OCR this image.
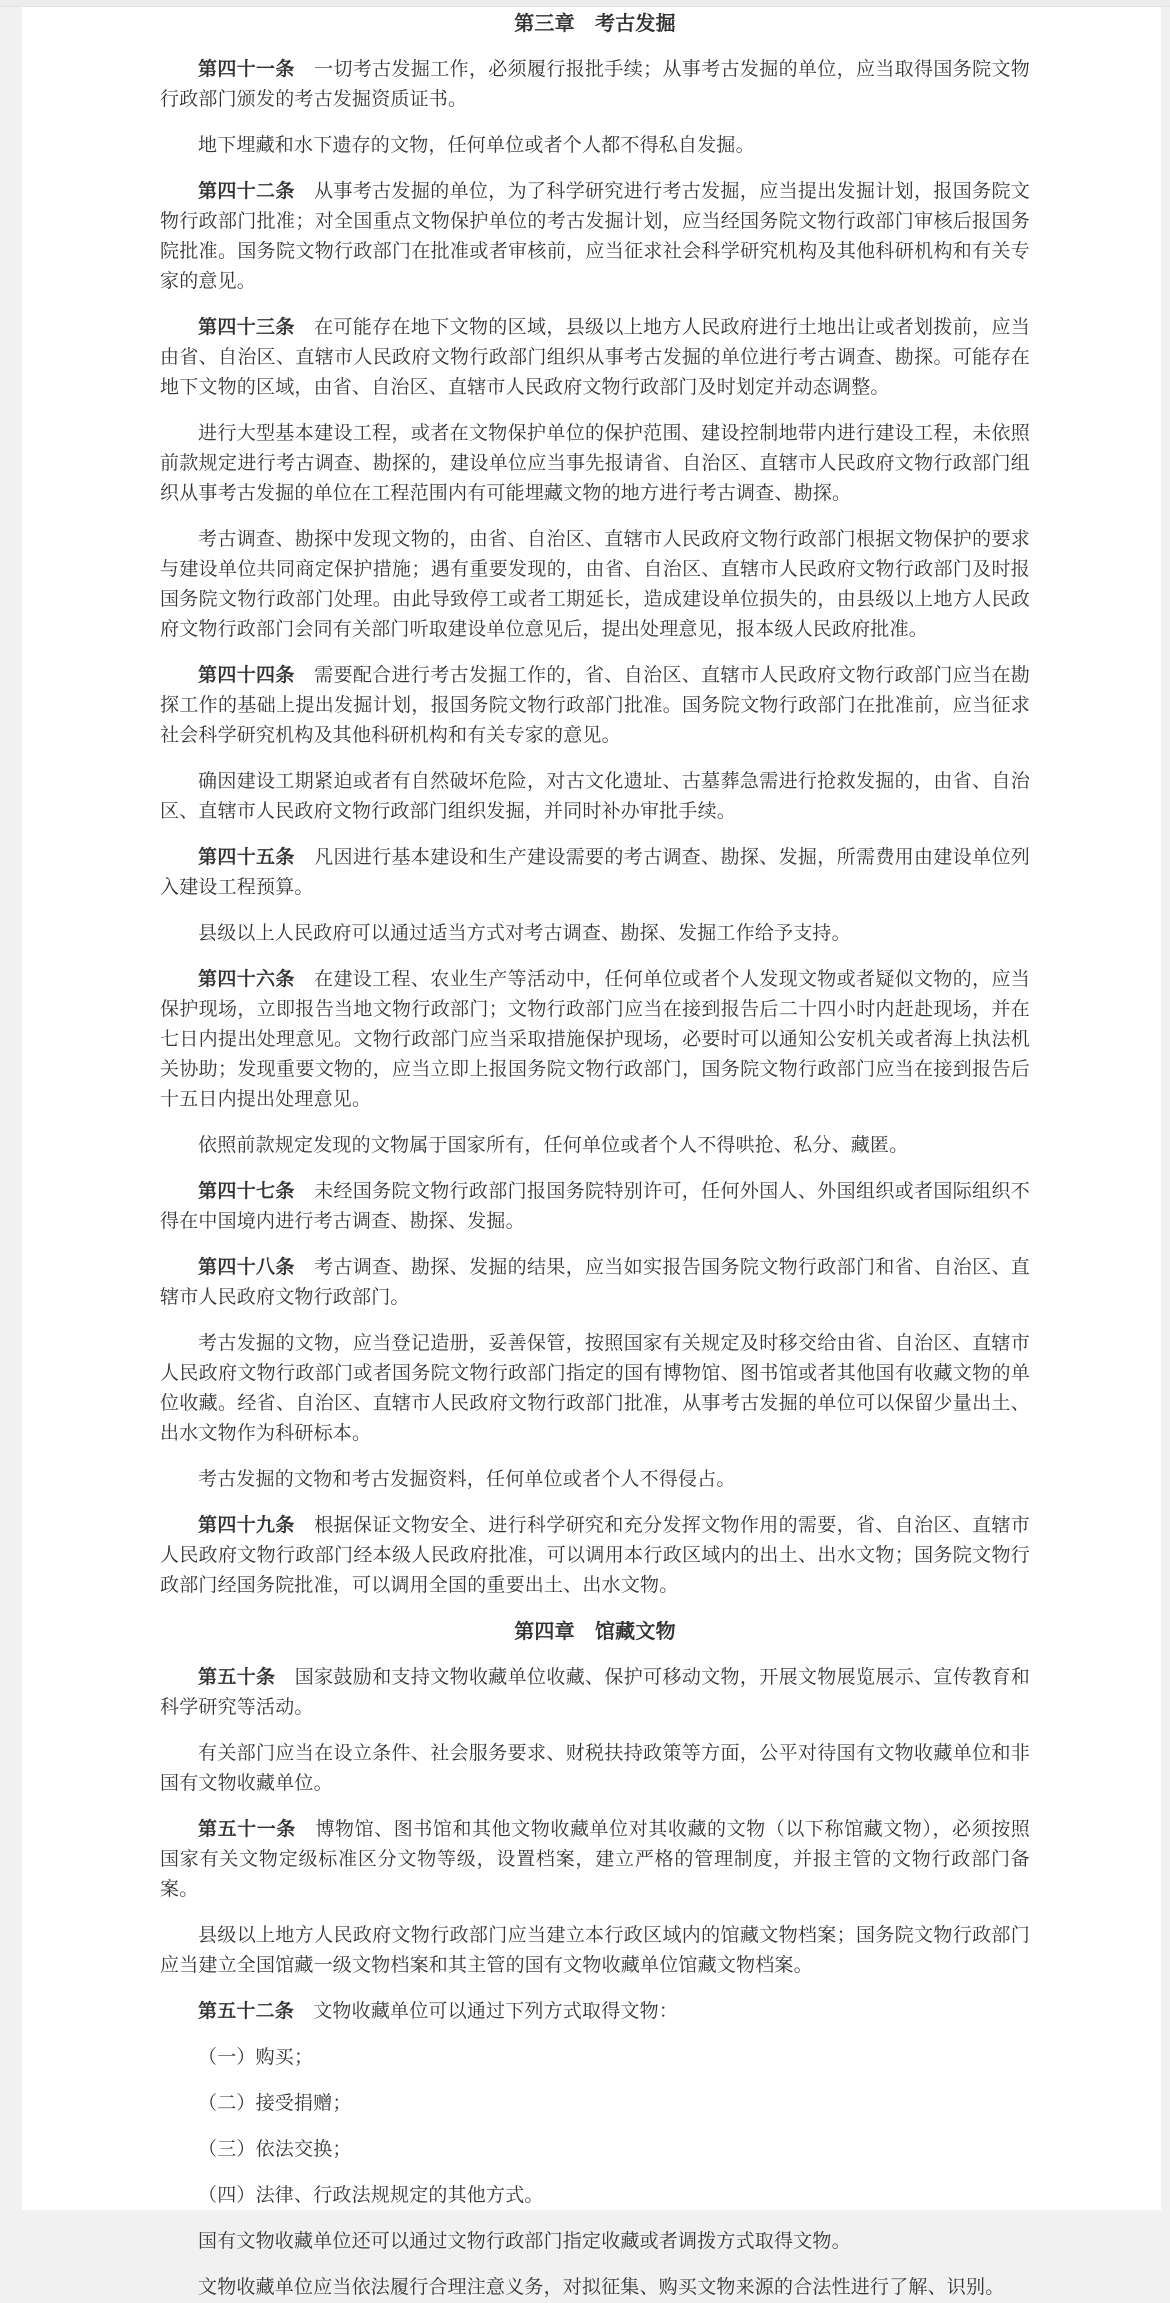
第三章　考古发掘

第四十一条　 一切考古发掘工作，必须履行报批手续；从事考古发掘的单位，应当取得国务院文物行政部门颁发的考古发掘资质证书。

地下埋藏和水下遗存的文物，任何单位或者个人都不得私自发掘。

第四十二条　 从事考古发掘的单位，为了科学研究进行考古发掘，应当提出发掘计划，报国务院文物行政部门批准；对全国重点文物保护单位的考古发掘计划，应当经国务院文物行政部门审核后报国务院批准。国务院文物行政部门在批准或者审核前，应当征求社会科学研究机构及其他科研机构和有关专家的意见。

第四十三条　 在可能存在地下文物的区域，县级以上地方人民政府进行土地出让或者划拨前，应当由省、自治区、直辖市人民政府文物行政部门组织从事考古发掘的单位进行考古调查、勘探。可能存在地下文物的区域，由省、自治区、直辖市人民政府文物行政部门及时划定并动态调整。

进行大型基本建设工程，或者在文物保护单位的保护范围、建设控制地带内进行建设工程，未依照前款规定进行考古调查、勘探的，建设单位应当事先报请省、自治区、直辖市人民政府文物行政部门组织从事考古发掘的单位在工程范围内有可能埋藏文物的地方进行考古调查、勘探。

考古调查、勘探中发现文物的，由省、自治区、直辖市人民政府文物行政部门根据文物保护的要求与建设单位共同商定保护措施；遇有重要发现的，由省、自治区、直辖市人民政府文物行政部门及时报国务院文物行政部门处理。由此导致停工或者工期延长，造成建设单位损失的，由县级以上地方人民政府文物行政部门会同有关部门听取建设单位意见后，提出处理意见，报本级人民政府批准。

第四十四条　 需要配合进行考古发掘工作的，省、自治区、直辖市人民政府文物行政部门应当在勘探工作的基础上提出发掘计划，报国务院文物行政部门批准。国务院文物行政部门在批准前，应当征求社会科学研究机构及其他科研机构和有关专家的意见。

确因建设工期紧迫或者有自然破坏危险，对古文化遗址、古墓葬急需进行抢救发掘的，由省、自治区、直辖市人民政府文物行政部门组织发掘，并同时补办审批手续。

第四十五条　 凡因进行基本建设和生产建设需要的考古调查、勘探、发掘，所需费用由建设单位列入建设工程预算。

县级以上人民政府可以通过适当方式对考古调查、勘探、发掘工作给予支持。

第四十六条　 在建设工程、农业生产等活动中，任何单位或者个人发现文物或者疑似文物的，应当保护现场，立即报告当地文物行政部门；文物行政部门应当在接到报告后二十四小时内赶赴现场，并在七日内提出处理意见。文物行政部门应当采取措施保护现场，必要时可以通知公安机关或者海上执法机关协助；发现重要文物的，应当立即上报国务院文物行政部门，国务院文物行政部门应当在接到报告后十五日内提出处理意见。

依照前款规定发现的文物属于国家所有，任何单位或者个人不得哄抢、私分、藏匿。

第四十七条　 未经国务院文物行政部门报国务院特别许可，任何外国人、外国组织或者国际组织不得在中国境内进行考古调查、勘探、发掘。

第四十八条　 考古调查、勘探、发掘的结果，应当如实报告国务院文物行政部门和省、自治区、直辖市人民政府文物行政部门。

考古发掘的文物，应当登记造册，妥善保管，按照国家有关规定及时移交给由省、自治区、直辖市人民政府文物行政部门或者国务院文物行政部门指定的国有博物馆、图书馆或者其他国有收藏文物的单位收藏。经省、自治区、直辖市人民政府文物行政部门批准，从事考古发掘的单位可以保留少量出土、出水文物作为科研标本。

考古发掘的文物和考古发掘资料，任何单位或者个人不得侵占。

第四十九条　 根据保证文物安全、进行科学研究和充分发挥文物作用的需要，省、自治区、直辖市人民政府文物行政部门经本级人民政府批准，可以调用本行政区域内的出土、出水文物；国务院文物行政部门经国务院批准，可以调用全国的重要出土、出水文物。

第四章　馆藏文物

第五十条　 国家鼓励和支持文物收藏单位收藏、保护可移动文物，开展文物展览展示、宣传教育和科学研究等活动。

有关部门应当在设立条件、社会服务要求、财税扶持政策等方面，公平对待国有文物收藏单位和非国有文物收藏单位。

第五十一条　 博物馆、图书馆和其他文物收藏单位对其收藏的文物（以下称馆藏文物），必须按照国家有关文物定级标准区分文物等级，设置档案，建立严格的管理制度，并报主管的文物行政部门备案。

县级以上地方人民政府文物行政部门应当建立本行政区域内的馆藏文物档案；国务院文物行政部门应当建立全国馆藏一级文物档案和其主管的国有文物收藏单位馆藏文物档案。

第五十二条　 文物收藏单位可以通过下列方式取得文物：

（一）购买；

（二）接受捐赠；

（三）依法交换；

（四）法律、行政法规规定的其他方式。

国有文物收藏单位还可以通过文物行政部门指定收藏或者调拨方式取得文物。

文物收藏单位应当依法履行合理注意义务，对拟征集、购买文物来源的合法性进行了解、识别。
